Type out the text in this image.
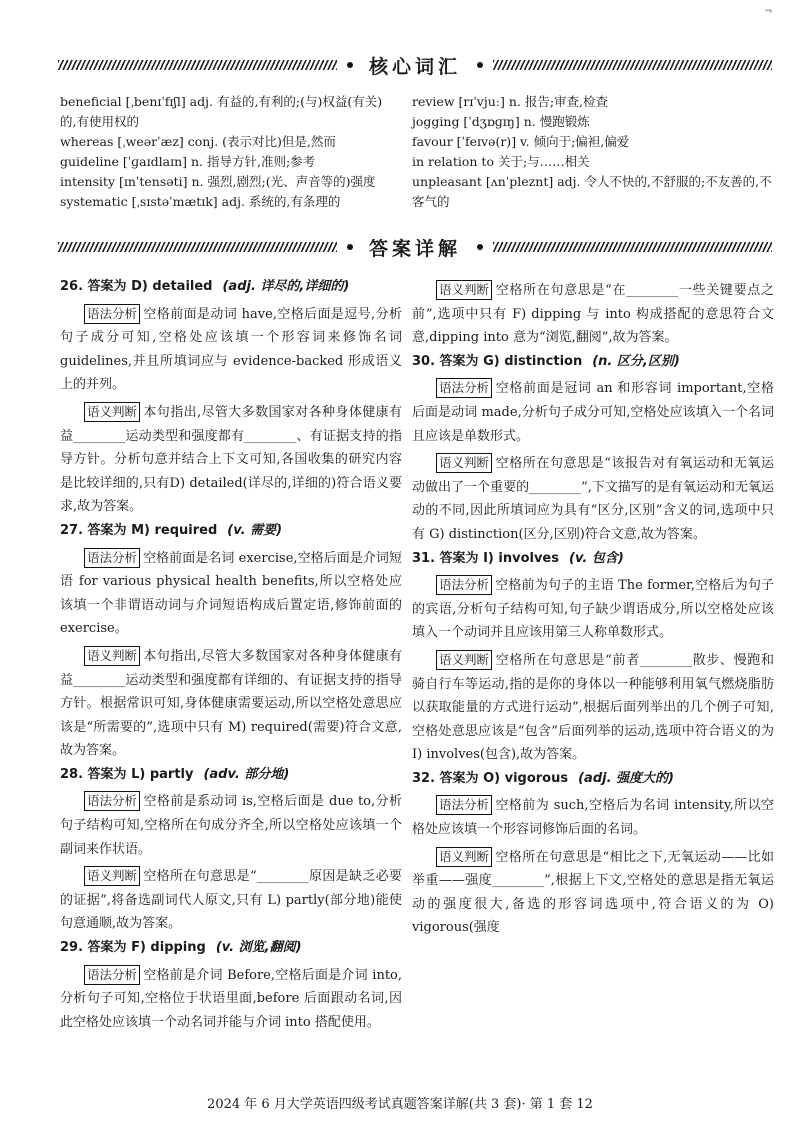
¬
核心词汇

beneficial [ˌbenɪˈfɪʃl] adj. 有益的,有利的;(与)权益(有关)的,有使用权的

whereas [ˌweərˈæz] conj. (表示对比)但是,然而

guideline [ˈɡaɪdlaɪn] n. 指导方针,准则;参考

intensity [ɪnˈtensəti] n. 强烈,剧烈;(光、声音等的)强度

systematic [ˌsɪstəˈmætɪk] adj. 系统的,有条理的

review [rɪˈvjuː] n. 报告;审查,检查

jogging [ˈdʒɒɡɪŋ] n. 慢跑锻炼

favour [ˈfeɪvə(r)] v. 倾向于;偏袒,偏爱

in relation to 关于;与……相关

unpleasant [ʌnˈpleznt] adj. 令人不快的,不舒服的;不友善的,不客气的

答案详解

26. 答案为 D) detailed (adj. 详尽的,详细的)

语法分析 空格前面是动词 have,空格后面是逗号,分析句子成分可知,空格处应该填一个形容词来修饰名词 guidelines,并且所填词应与 evidence-backed 形成语义上的并列。

语义判断 本句指出,尽管大多数国家对各种身体健康有益________运动类型和强度都有________、有证据支持的指导方针。分析句意并结合上下文可知,各国收集的研究内容是比较详细的,只有D) detailed(详尽的,详细的)符合语义要求,故为答案。

27. 答案为 M) required (v. 需要)

语法分析 空格前面是名词 exercise,空格后面是介词短语 for various physical health benefits,所以空格处应该填一个非谓语动词与介词短语构成后置定语,修饰前面的 exercise。

语义判断 本句指出,尽管大多数国家对各种身体健康有益________运动类型和强度都有详细的、有证据支持的指导方针。根据常识可知,身体健康需要运动,所以空格处意思应该是“所需要的”,选项中只有 M) required(需要)符合文意,故为答案。

28. 答案为 L) partly (adv. 部分地)

语法分析 空格前是系动词 is,空格后面是 due to,分析句子结构可知,空格所在句成分齐全,所以空格处应该填一个副词来作状语。

语义判断 空格所在句意思是“________原因是缺乏必要的证据”,将备选副词代人原文,只有 L) partly(部分地)能使句意通顺,故为答案。

29. 答案为 F) dipping (v. 浏览,翻阅)

语法分析 空格前是介词 Before,空格后面是介词 into,分析句子可知,空格位于状语里面,before 后面跟动名词,因此空格处应该填一个动名词并能与介词 into 搭配使用。

语义判断 空格所在句意思是“在________一些关键要点之前”,选项中只有 F) dipping 与 into 构成搭配的意思符合文意,dipping into 意为“浏览,翻阅”,故为答案。

30. 答案为 G) distinction (n. 区分,区别)

语法分析 空格前面是冠词 an 和形容词 important,空格后面是动词 made,分析句子成分可知,空格处应该填入一个名词且应该是单数形式。

语义判断 空格所在句意思是“该报告对有氧运动和无氧运动做出了一个重要的________”,下文描写的是有氧运动和无氧运动的不同,因此所填词应为具有“区分,区别”含义的词,选项中只有 G) distinction(区分,区别)符合文意,故为答案。

31. 答案为 I) involves (v. 包含)

语法分析 空格前为句子的主语 The former,空格后为句子的宾语,分析句子结构可知,句子缺少谓语成分,所以空格处应该填入一个动词并且应该用第三人称单数形式。

语义判断 空格所在句意思是“前者________散步、慢跑和骑自行车等运动,指的是你的身体以一种能够利用氧气燃烧脂肪以获取能量的方式进行运动”,根据后面列举出的几个例子可知,空格处意思应该是“包含”后面列举的运动,选项中符合语义的为 I) involves(包含),故为答案。

32. 答案为 O) vigorous (adj. 强度大的)

语法分析 空格前为 such,空格后为名词 intensity,所以空格处应该填一个形容词修饰后面的名词。

语义判断 空格所在句意思是“相比之下,无氧运动——比如举重——强度________”,根据上下文,空格处的意思是指无氧运动的强度很大,备选的形容词选项中,符合语义的为 O) vigorous(强度

2024 年 6 月大学英语四级考试真题答案详解(共 3 套)· 第 1 套 12
